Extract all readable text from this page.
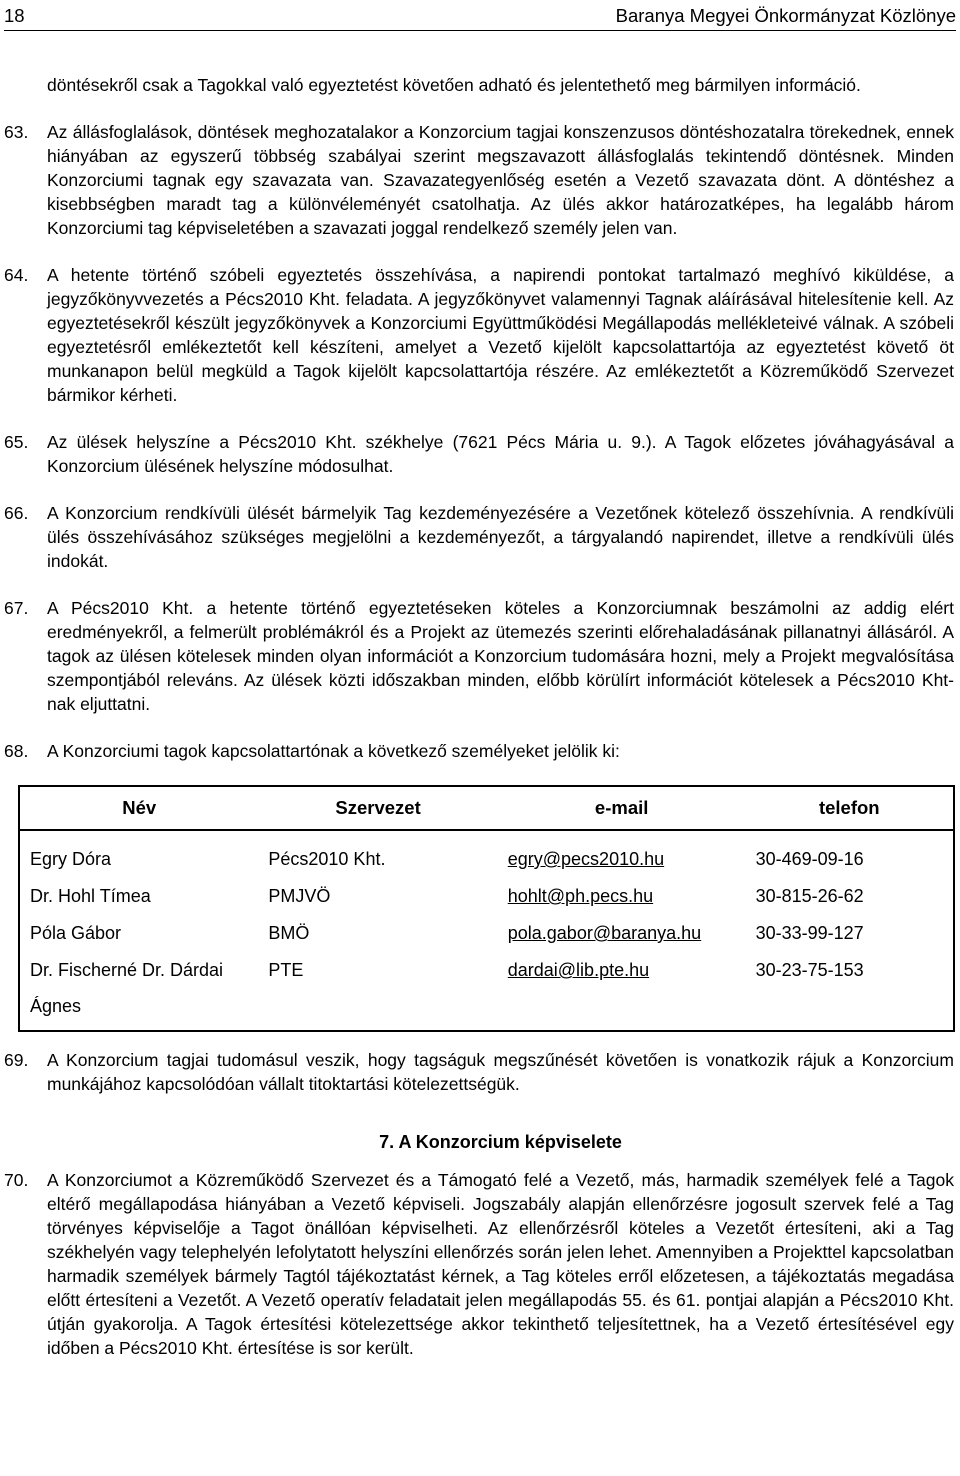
18	Baranya Megyei Önkormányzat Közlönye
döntésekről csak a Tagokkal való egyeztetést követően adható és jelentethető meg bármilyen információ.
63. Az állásfoglalások, döntések meghozatalakor a Konzorcium tagjai konszenzusos döntéshozatalra törekednek, ennek hiányában az egyszerű többség szabályai szerint megszavazott állásfoglalás tekintendő döntésnek. Minden Konzorciumi tagnak egy szavazata van. Szavazategyenlőség esetén a Vezető szavazata dönt. A döntéshez a kisebbségben maradt tag a különvéleményét csatolhatja. Az ülés akkor határozatképes, ha legalább három Konzorciumi tag képviseletében a szavazati joggal rendelkező személy jelen van.
64. A hetente történő szóbeli egyeztetés összehívása, a napirendi pontokat tartalmazó meghívó kiküldése, a jegyzőkönyvvezetés a Pécs2010 Kht. feladata. A jegyzőkönyvet valamennyi Tagnak aláírásával hitelesítenie kell. Az egyeztetésekről készült jegyzőkönyvek a Konzorciumi Együttműködési Megállapodás mellékleteivé válnak. A szóbeli egyeztetésről emlékeztetőt kell készíteni, amelyet a Vezető kijelölt kapcsolattartója az egyeztetést követő öt munkanapon belül megküld a Tagok kijelölt kapcsolattartója részére. Az emlékeztetőt a Közreműködő Szervezet bármikor kérheti.
65. Az ülések helyszíne a Pécs2010 Kht. székhelye (7621 Pécs Mária u. 9.). A Tagok előzetes jóváhagyásával a Konzorcium ülésének helyszíne módosulhat.
66. A Konzorcium rendkívüli ülését bármelyik Tag kezdeményezésére a Vezetőnek kötelező összehívnia. A rendkívüli ülés összehívásához szükséges megjelölni a kezdeményezőt, a tárgyalandó napirendet, illetve a rendkívüli ülés indokát.
67. A Pécs2010 Kht. a hetente történő egyeztetéseken köteles a Konzorciumnak beszámolni az addig elért eredményekről, a felmerült problémákról és a Projekt az ütemezés szerinti előrehaladásának pillanatnyi állásáról. A tagok az ülésen kötelesek minden olyan információt a Konzorcium tudomására hozni, mely a Projekt megvalósítása szempontjából releváns. Az ülések közti időszakban minden, előbb körülírt információt kötelesek a Pécs2010 Kht-nak eljuttatni.
68. A Konzorciumi tagok kapcsolattartónak a következő személyeket jelölik ki:
Név	Szervezet	e-mail	telefon
Egry Dóra	Pécs2010 Kht.	egry@pecs2010.hu	30-469-09-16
Dr. Hohl Tímea	PMJVÖ	hohlt@ph.pecs.hu	30-815-26-62
Póla Gábor	BMÖ	pola.gabor@baranya.hu	30-33-99-127
Dr. Fischerné Dr. Dárdai Ágnes	PTE	dardai@lib.pte.hu	30-23-75-153
69. A Konzorcium tagjai tudomásul veszik, hogy tagságuk megszűnését követően is vonatkozik rájuk a Konzorcium munkájához kapcsolódóan vállalt titoktartási kötelezettségük.
7. A Konzorcium képviselete
70. A Konzorciumot a Közreműködő Szervezet és a Támogató felé a Vezető, más, harmadik személyek felé a Tagok eltérő megállapodása hiányában a Vezető képviseli. Jogszabály alapján ellenőrzésre jogosult szervek felé a Tag törvényes képviselője a Tagot önállóan képviselheti. Az ellenőrzésről köteles a Vezetőt értesíteni, aki a Tag székhelyén vagy telephelyén lefolytatott helyszíni ellenőrzés során jelen lehet. Amennyiben a Projekttel kapcsolatban harmadik személyek bármely Tagtól tájékoztatást kérnek, a Tag köteles erről előzetesen, a tájékoztatás megadása előtt értesíteni a Vezetőt. A Vezető operatív feladatait jelen megállapodás 55. és 61. pontjai alapján a Pécs2010 Kht. útján gyakorolja. A Tagok értesítési kötelezettsége akkor tekinthető teljesítettnek, ha a Vezető értesítésével egy időben a Pécs2010 Kht. értesítése is sor került.
